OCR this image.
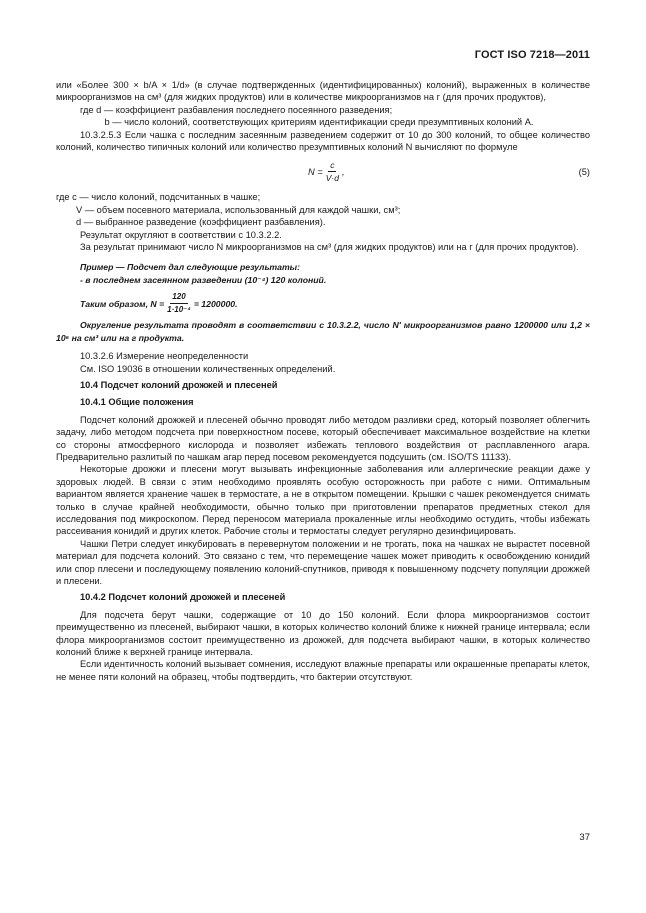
ГОСТ ISO 7218—2011

или «Более 300 × b/A × 1/d» (в случае подтвержденных (идентифицированных) колоний), выраженных в количестве микроорганизмов на см³ (для жидких продуктов) или в количестве микроорганизмов на г (для прочих продуктов),

где d — коэффициент разбавления последнего посеянного разведения;

b — число колоний, соответствующих критериям идентификации среди презумптивных колоний A.

10.3.2.5.3 Если чашка с последним засеянным разведением содержит от 10 до 300 колоний, то общее количество колоний, количество типичных колоний или количество презумптивных колоний N вычисляют по формуле

$N = \frac{c}{V\cdot d}$ ,	(5)

где c — число колоний, подсчитанных в чашке;

V — объем посевного материала, использованный для каждой чашки, см³;

d — выбранное разведение (коэффициент разбавления).

Результат округляют в соответствии с 10.3.2.2.

За результат принимают число N микроорганизмов на см³ (для жидких продуктов) или на г (для прочих продуктов).

Пример — Подсчет дал следующие результаты:

- в последнем засеянном разведении (10⁻⁴) 120 колоний.

Таким образом, $N = \frac{120}{\text{1·10⁻⁴}} = 1200000$.

Округление результата проводят в соответствии с 10.3.2.2, число N' микроорганизмов равно 1200000 или 1,2 × 10⁶ на см³ или на г продукта.

10.3.2.6 Измерение неопределенности

См. ISO 19036 в отношении количественных определений.

10.4 Подсчет колоний дрожжей и плесеней

10.4.1 Общие положения

Подсчет колоний дрожжей и плесеней обычно проводят либо методом разливки сред, который позволяет облегчить задачу, либо методом подсчета при поверхностном посеве, который обеспечивает максимальное воздействие на клетки со стороны атмосферного кислорода и позволяет избежать теплового воздействия от расплавленного агара. Предварительно разлитый по чашкам агар перед посевом рекомендуется подсушить (см. ISO/TS 11133).

Некоторые дрожжи и плесени могут вызывать инфекционные заболевания или аллергические реакции даже у здоровых людей. В связи с этим необходимо проявлять особую осторожность при работе с ними. Оптимальным вариантом является хранение чашек в термостате, а не в открытом помещении. Крышки с чашек рекомендуется снимать только в случае крайней необходимости, обычно только при приготовлении препаратов предметных стекол для исследования под микроскопом. Перед переносом материала прокаленные иглы необходимо остудить, чтобы избежать рассеивания конидий и других клеток. Рабочие столы и термостаты следует регулярно дезинфицировать.

Чашки Петри следует инкубировать в перевернутом положении и не трогать, пока на чашках не вырастет посевной материал для подсчета колоний. Это связано с тем, что перемещение чашек может приводить к освобождению конидий или спор плесени и последующему появлению колоний-спутников, приводя к повышенному подсчету популяции дрожжей и плесени.

10.4.2 Подсчет колоний дрожжей и плесеней

Для подсчета берут чашки, содержащие от 10 до 150 колоний. Если флора микроорганизмов состоит преимущественно из плесеней, выбирают чашки, в которых количество колоний ближе к нижней границе интервала; если флора микроорганизмов состоит преимущественно из дрожжей, для подсчета выбирают чашки, в которых количество колоний ближе к верхней границе интервала.

Если идентичность колоний вызывает сомнения, исследуют влажные препараты или окрашенные препараты клеток, не менее пяти колоний на образец, чтобы подтвердить, что бактерии отсутствуют.

37
